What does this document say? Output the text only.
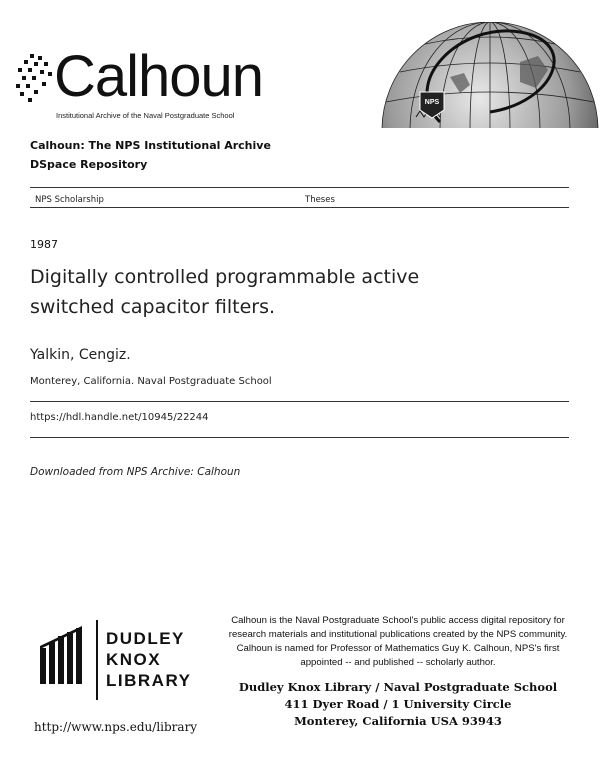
Calhoun
Institutional Archive of the Naval Postgraduate School
NPS
Calhoun: The NPS Institutional Archive
DSpace Repository
NPS Scholarship	Theses
1987
Digitally controlled programmable active
switched capacitor filters.
Yalkin, Cengiz.
Monterey, California. Naval Postgraduate School
https://hdl.handle.net/10945/22244
Downloaded from NPS Archive: Calhoun
DUDLEY
KNOX
LIBRARY
http://www.nps.edu/library
Calhoun is the Naval Postgraduate School's public access digital repository for
research materials and institutional publications created by the NPS community.
Calhoun is named for Professor of Mathematics Guy K. Calhoun, NPS's first
appointed -- and published -- scholarly author.
Dudley Knox Library / Naval Postgraduate School
411 Dyer Road / 1 University Circle
Monterey, California USA 93943
